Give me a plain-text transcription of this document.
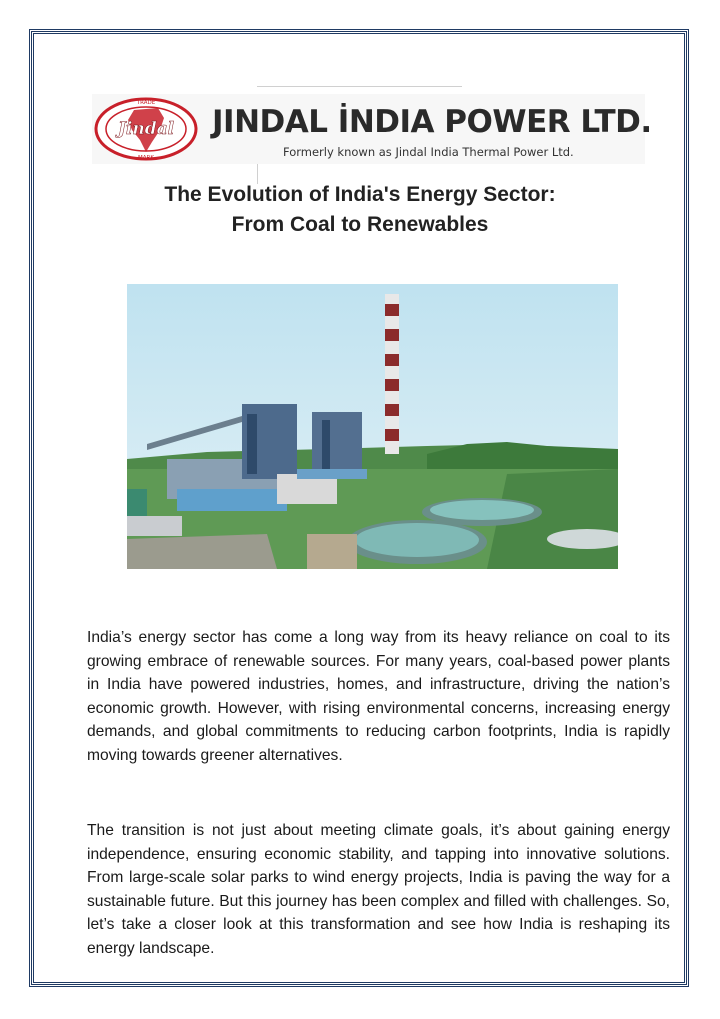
TRADE
Jindal
MARK
JINDAL İNDIA POWER LTD.
Formerly known as Jindal India Thermal Power Ltd.
The Evolution of India's Energy Sector:
From Coal to Renewables

India’s energy sector has come a long way from its heavy reliance on coal to its growing embrace of renewable sources. For many years, coal-based power plants in India have powered industries, homes, and infrastructure, driving the nation’s economic growth. However, with rising environmental concerns, increasing energy demands, and global commitments to reducing carbon footprints, India is rapidly moving towards greener alternatives.

The transition is not just about meeting climate goals, it’s about gaining energy independence, ensuring economic stability, and tapping into innovative solutions. From large-scale solar parks to wind energy projects, India is paving the way for a sustainable future. But this journey has been complex and filled with challenges. So, let’s take a closer look at this transformation and see how India is reshaping its energy landscape.
